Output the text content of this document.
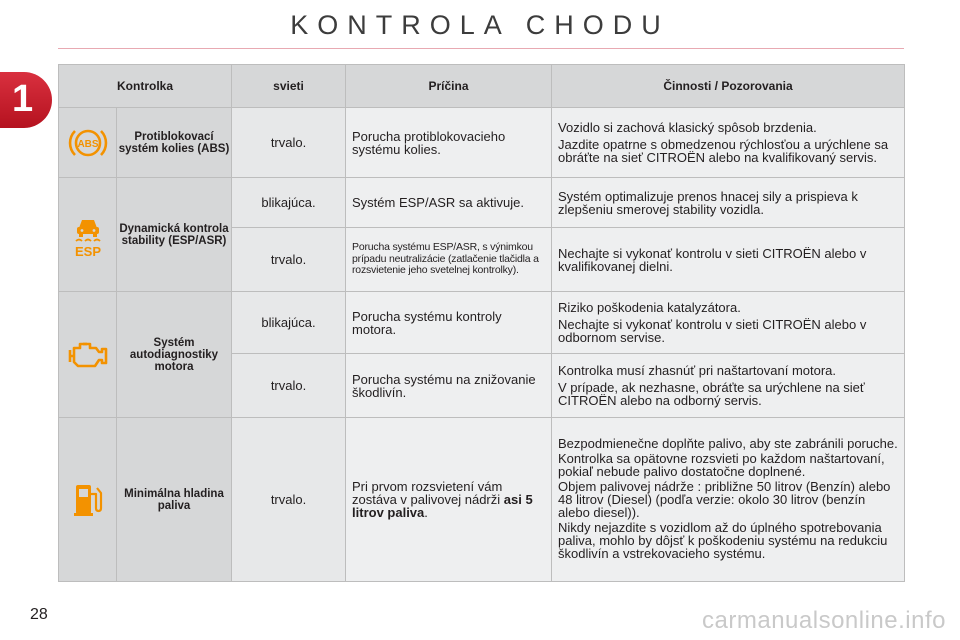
KONTROLA CHODU
1	Kontrolka		svieti	Príčina	Činnosti / Pozorovania

ABS	Protiblokovací systém kolies (ABS)	trvalo.	Porucha protiblokovacieho systému kolies.	Vozidlo si zachová klasický spôsob brzdenia.

Jazdite opatrne s obmedzenou rýchlosťou a urýchlene sa obráťte na sieť CITROËN alebo na kvalifikovaný servis.

ESP	Dynamická kontrola stability (ESP/ASR)	blikajúca.	Systém ESP/ASR sa aktivuje.	Systém optimalizuje prenos hnacej sily a prispieva k zlepšeniu smerovej stability vozidla.
		trvalo.	Porucha systému ESP/ASR, s výnimkou prípadu neutralizácie (zatlačenie tlačidla a rozsvietenie jeho svetelnej kontrolky).	Nechajte si vykonať kontrolu v sieti CITROËN alebo v kvalifikovanej dielni.

	Systém autodiagnostiky motora	blikajúca.	Porucha systému kontroly motora.	Riziko poškodenia katalyzátora.

Nechajte si vykonať kontrolu v sieti CITROËN alebo v odbornom servise.

		trvalo.	Porucha systému na znižovanie škodlivín.	Kontrolka musí zhasnúť pri naštartovaní motora.

V prípade, ak nezhasne, obráťte sa urýchlene na sieť CITROËN alebo na odborný servis.

	Minimálna hladina paliva	trvalo.	Pri prvom rozsvietení vám zostáva v palivovej nádrži asi 5 litrov paliva.	Bezpodmienečne doplňte palivo, aby ste zabránili poruche.

Kontrolka sa opätovne rozsvieti po každom naštartovaní, pokiaľ nebude palivo dostatočne doplnené.

Objem palivovej nádrže : približne 50 litrov (Benzín) alebo 48 litrov (Diesel) (podľa verzie: okolo 30 litrov (benzín alebo diesel)).

Nikdy nejazdite s vozidlom až do úplného spotrebovania paliva, mohlo by dôjsť k poškodeniu systému na redukciu škodlivín a vstrekovacieho systému.

28	carmanualsonline.info
